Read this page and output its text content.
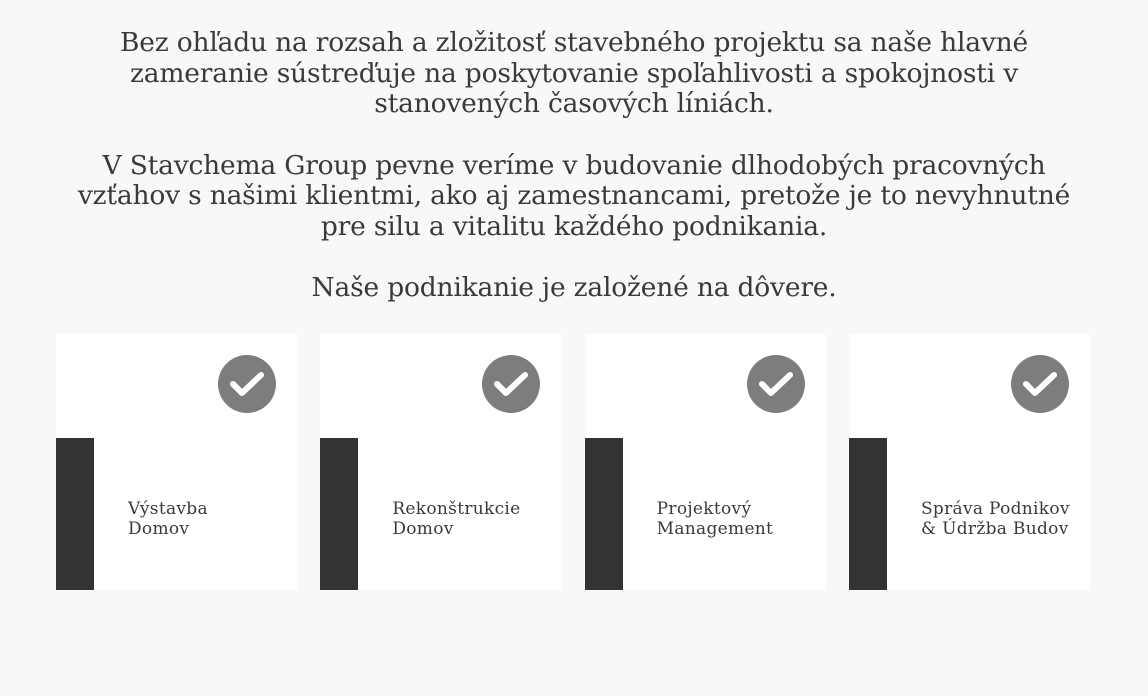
Bez ohľadu na rozsah a zložitosť stavebného projektu sa naše hlavné zameranie sústreďuje na poskytovanie spoľahlivosti a spokojnosti v stanovených časových líniách.

V Stavchema Group pevne veríme v budovanie dlhodobých pracovných vzťahov s našimi klientmi, ako aj zamestnancami, pretože je to nevyhnutné pre silu a vitalitu každého podnikania.

Naše podnikanie je založené na dôvere.

Výstavba
Domov
Rekonštrukcie
Domov
Projektový
Management
Správa Podnikov
& Údržba Budov
